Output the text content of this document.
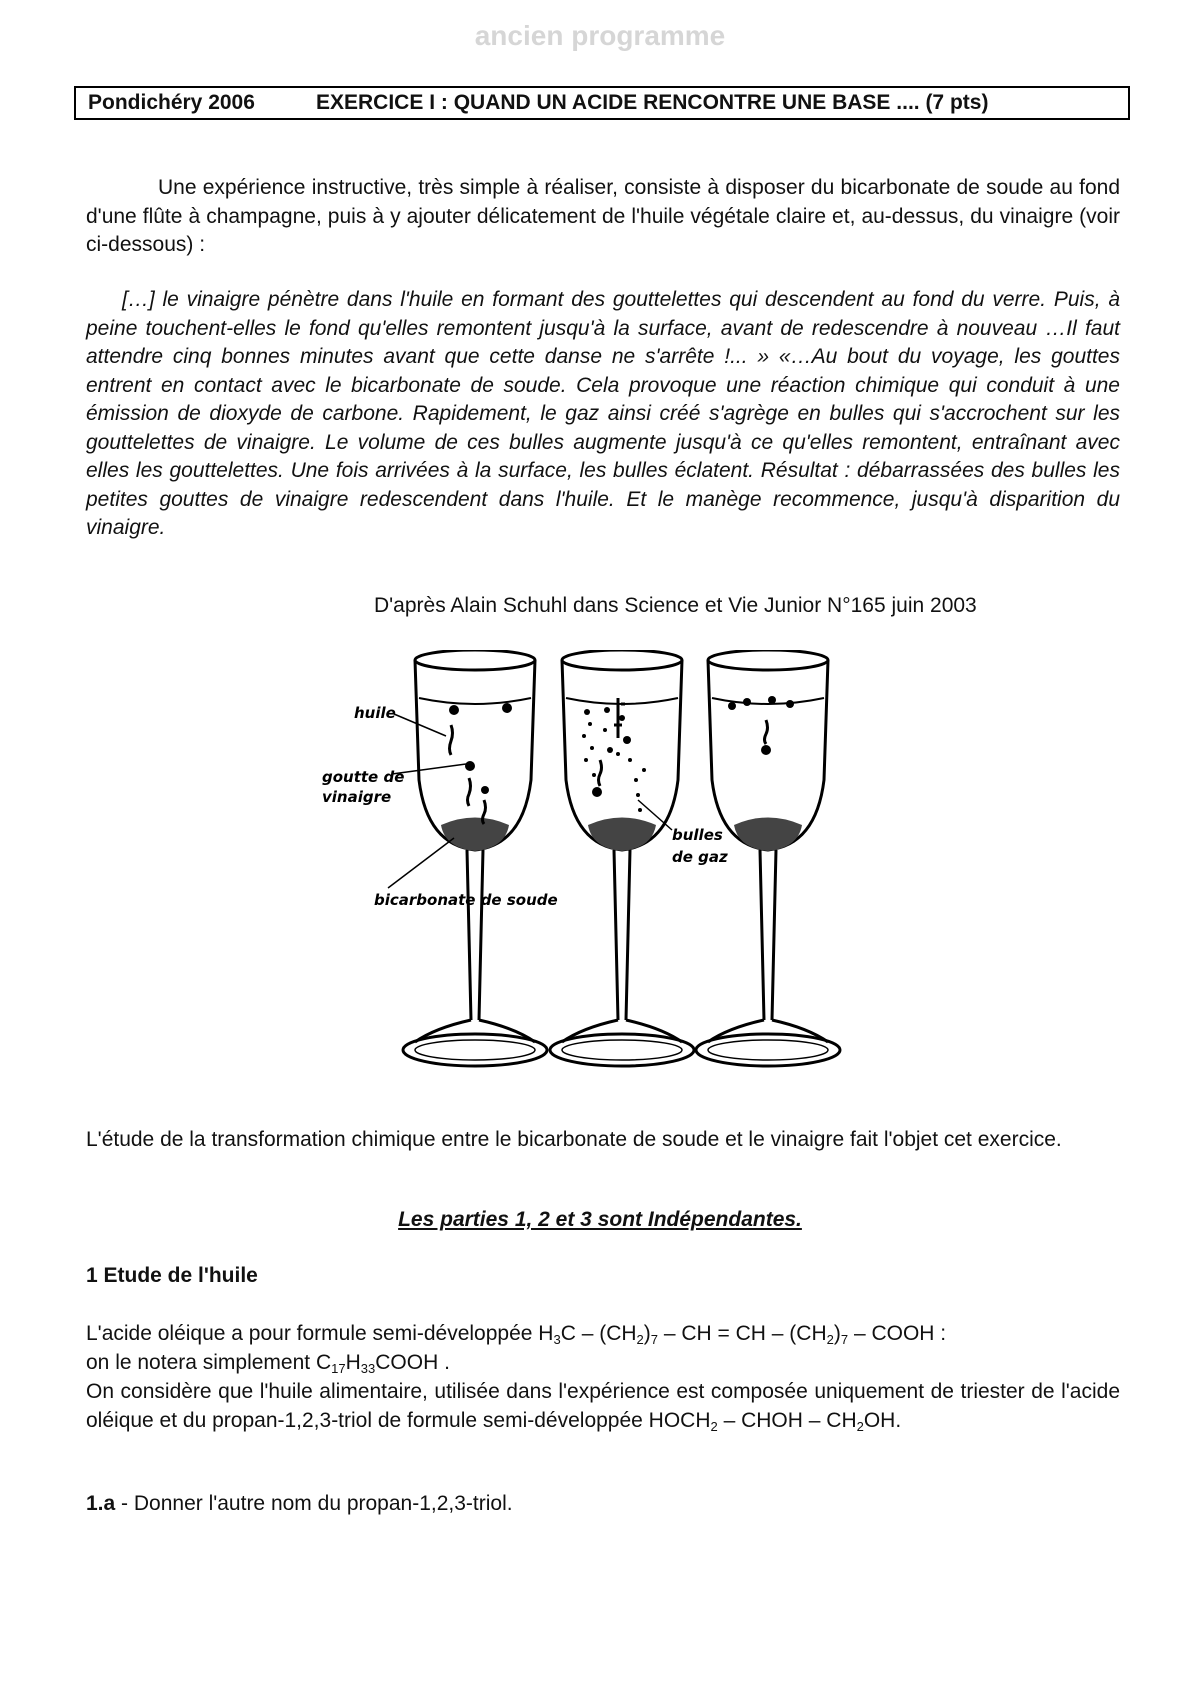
ancien programme
Pondichéry 2006	EXERCICE I : QUAND UN ACIDE RENCONTRE UNE BASE .... (7 pts)

Une expérience instructive, très simple à réaliser, consiste à disposer du bicarbonate de soude au fond d'une flûte à champagne, puis à y ajouter délicatement de l'huile végétale claire et, au-dessus, du vinaigre (voir ci-dessous) :

[…] le vinaigre pénètre dans l'huile en formant des gouttelettes qui descendent au fond du verre. Puis, à peine touchent-elles le fond qu'elles remontent jusqu'à la surface, avant de redescendre à nouveau …Il faut attendre cinq bonnes minutes avant que cette danse ne s'arrête !... » «…Au bout du voyage, les gouttes entrent en contact avec le bicarbonate de soude. Cela provoque une réaction chimique qui conduit à une émission de dioxyde de carbone. Rapidement, le gaz ainsi créé s'agrège en bulles qui s'accrochent sur les gouttelettes de vinaigre. Le volume de ces bulles augmente jusqu'à ce qu'elles remontent, entraînant avec elles les gouttelettes. Une fois arrivées à la surface, les bulles éclatent. Résultat : débarrassées des bulles les petites gouttes de vinaigre redescendent dans l'huile. Et le manège recommence, jusqu'à disparition du vinaigre.

D'après Alain Schuhl dans Science et Vie Junior N°165 juin 2003
huile
goutte de
vinaigre
bulles
de gaz
bicarbonate de soude

L'étude de la transformation chimique entre le bicarbonate de soude et le vinaigre fait l'objet cet exercice.

Les parties 1, 2 et 3 sont Indépendantes.
1 Etude de l'huile
L'acide oléique a pour formule semi-développée $H_3C - (CH_2)_7$ – CH = CH – $(CH_2)_7$ – COOH :
on le notera simplement $C_{17}H_{33}COOH$ .
On considère que l'huile alimentaire, utilisée dans l'expérience est composée uniquement de triester de l'acide oléique et du propan-1,2,3-triol de formule semi-développée $HOCH_2$ – CHOH – $CH_2OH$.
1.a - Donner l'autre nom du propan-1,2,3-triol.
